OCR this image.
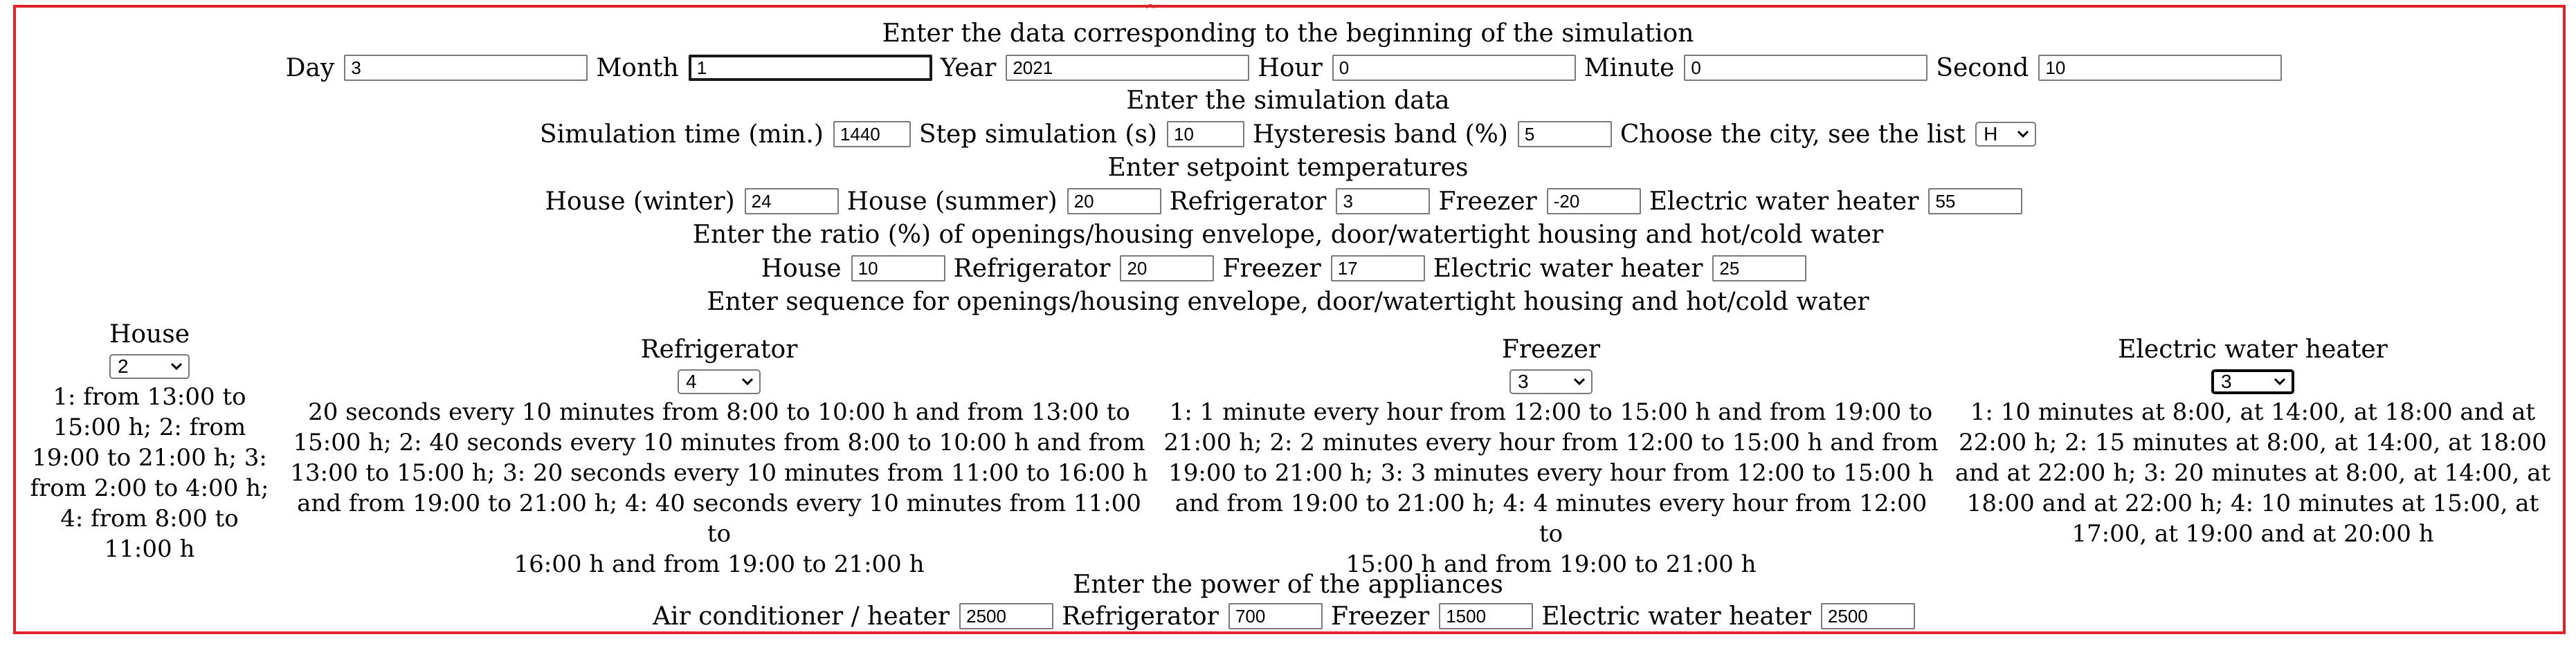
Enter the data corresponding to the beginning of the simulation
Day
3	Month
1	Year
2021	Hour
0	Minute
0	Second
10
Enter the simulation data
Simulation time (min.)
1440	Step simulation (s)
10	Hysteresis band (%)
5	Choose the city, see the list H
Enter setpoint temperatures
House (winter)
24	House (summer)
20	Refrigerator
3	Freezer
-20	Electric water heater
55
Enter the ratio (%) of openings/housing envelope, door/watertight housing and hot/cold water
House
10	Refrigerator
20	Freezer
17	Electric water heater
25
Enter sequence for openings/housing envelope, door/watertight housing and hot/cold water
House
2
1: from 13:00 to
15:00 h; 2: from
19:00 to 21:00 h; 3:
from 2:00 to 4:00 h;
4: from 8:00 to
11:00 h
Refrigerator
4
20 seconds every 10 minutes from 8:00 to 10:00 h and from 13:00 to
15:00 h; 2: 40 seconds every 10 minutes from 8:00 to 10:00 h and from
13:00 to 15:00 h; 3: 20 seconds every 10 minutes from 11:00 to 16:00 h
and from 19:00 to 21:00 h; 4: 40 seconds every 10 minutes from 11:00 to
16:00 h and from 19:00 to 21:00 h
Freezer
3
1: 1 minute every hour from 12:00 to 15:00 h and from 19:00 to
21:00 h; 2: 2 minutes every hour from 12:00 to 15:00 h and from
19:00 to 21:00 h; 3: 3 minutes every hour from 12:00 to 15:00 h
and from 19:00 to 21:00 h; 4: 4 minutes every hour from 12:00 to
15:00 h and from 19:00 to 21:00 h
Electric water heater
3
1: 10 minutes at 8:00, at 14:00, at 18:00 and at
22:00 h; 2: 15 minutes at 8:00, at 14:00, at 18:00
and at 22:00 h; 3: 20 minutes at 8:00, at 14:00, at
18:00 and at 22:00 h; 4: 10 minutes at 15:00, at
17:00, at 19:00 and at 20:00 h
Enter the power of the appliances
Air conditioner / heater
2500	Refrigerator
700	Freezer
1500	Electric water heater
2500
